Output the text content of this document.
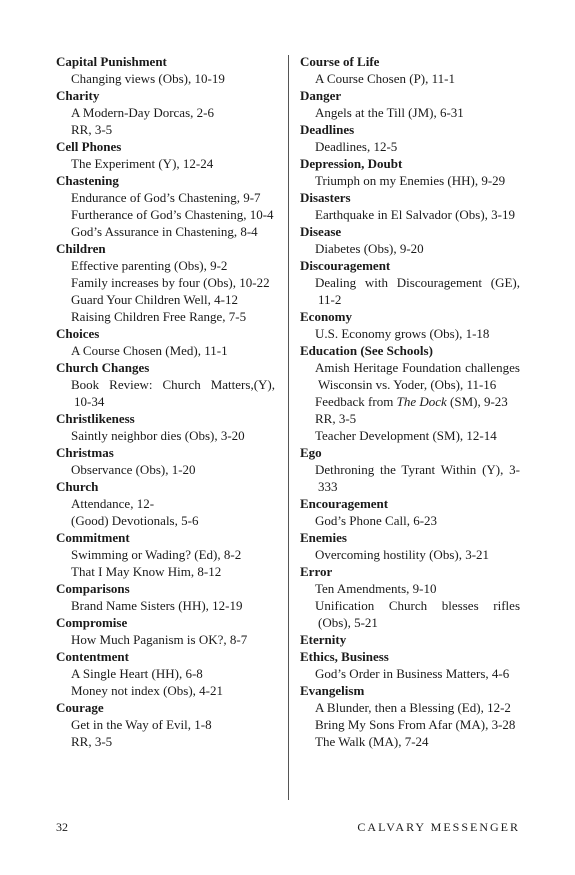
Capital Punishment
Changing views (Obs), 10-19
Charity
A Modern-Day Dorcas, 2-6
RR, 3-5
Cell Phones
The Experiment (Y), 12-24
Chastening
Endurance of God’s Chastening, 9-7
Furtherance of God’s Chastening, 10-4
God’s Assurance in Chastening, 8-4
Children
Effective parenting (Obs), 9-2
Family increases by four (Obs), 10-22
Guard Your Children Well, 4-12
Raising Children Free Range, 7-5
Choices
A Course Chosen (Med), 11-1
Church Changes
Book Review: Church Matters,(Y), 10-34
Christlikeness
Saintly neighbor dies (Obs), 3-20
Christmas
Observance (Obs), 1-20
Church
Attendance, 12-
(Good) Devotionals, 5-6
Commitment
Swimming or Wading? (Ed), 8-2
That I May Know Him, 8-12
Comparisons
Brand Name Sisters (HH), 12-19
Compromise
How Much Paganism is OK?, 8-7
Contentment
A Single Heart (HH), 6-8
Money not index (Obs), 4-21
Courage
Get in the Way of Evil, 1-8
RR, 3-5
Course of Life
A Course Chosen (P), 11-1
Danger
Angels at the Till (JM), 6-31
Deadlines
Deadlines, 12-5
Depression, Doubt
Triumph on my Enemies (HH), 9-29
Disasters
Earthquake in El Salvador (Obs), 3-19
Disease
Diabetes (Obs), 9-20
Discouragement
Dealing with Discouragement (GE), 11-2
Economy
U.S. Economy grows (Obs), 1-18
Education (See Schools)
Amish Heritage Foundation challenges Wisconsin vs. Yoder, (Obs), 11-16
Feedback from The Dock (SM), 9-23
RR, 3-5
Teacher Development (SM), 12-14
Ego
Dethroning the Tyrant Within (Y), 3-333
Encouragement
God’s Phone Call, 6-23
Enemies
Overcoming hostility (Obs), 3-21
Error
Ten Amendments, 9-10
Unification Church blesses rifles (Obs), 5-21
Eternity
Ethics, Business
God’s Order in Business Matters, 4-6
Evangelism
A Blunder, then a Blessing (Ed), 12-2
Bring My Sons From Afar (MA), 3-28
The Walk (MA), 7-24
32	CALVARY MESSENGER
